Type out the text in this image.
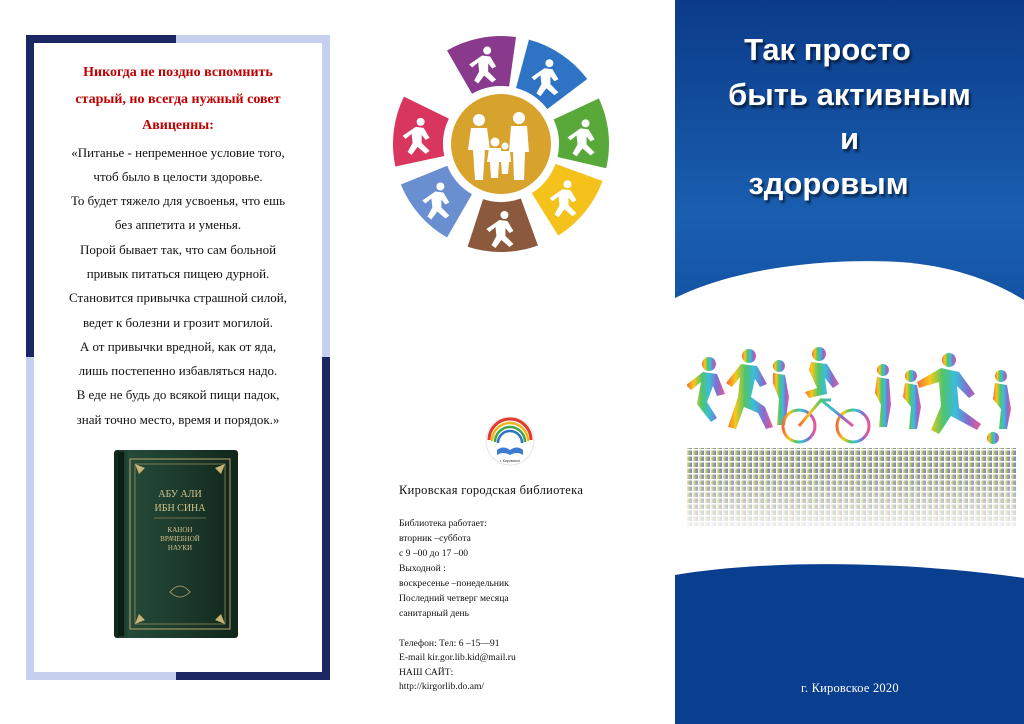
Никогда не поздно вспомнить
старый, но всегда нужный совет
Авиценны:
«Питанье - непременное условие того,
чтоб было в целости здоровье.
То будет тяжело для усвоенья, что ешь
без аппетита и уменья.
Порой бывает так, что сам больной
привык питаться пищею дурной.
Становится привычка страшной силой,
ведет к болезни и грозит могилой.
А от привычки вредной, как от яда,
лишь постепенно избавляться надо.
В еде не будь до всякой пищи падок,
знай точно место, время и порядок.»
АБУ АЛИ
ИБН СИНА
КАНОН
ВРАЧЕБНОЙ
НАУКИ
г. Кировское
Кировская городская библиотека
Библиотека работает:
вторник –суббота
с 9 –00 до 17 –00
Выходной :
воскресенье –понедельник
Последний четверг месяца
санитарный день
Телефон: Тел: 6 –15—91
E-mail kir.gor.lib.kid@mail.ru
НАШ САЙТ:
http://kirgorlib.do.am/
Так просто
быть активным
и
здоровым
г. Кировское 2020
